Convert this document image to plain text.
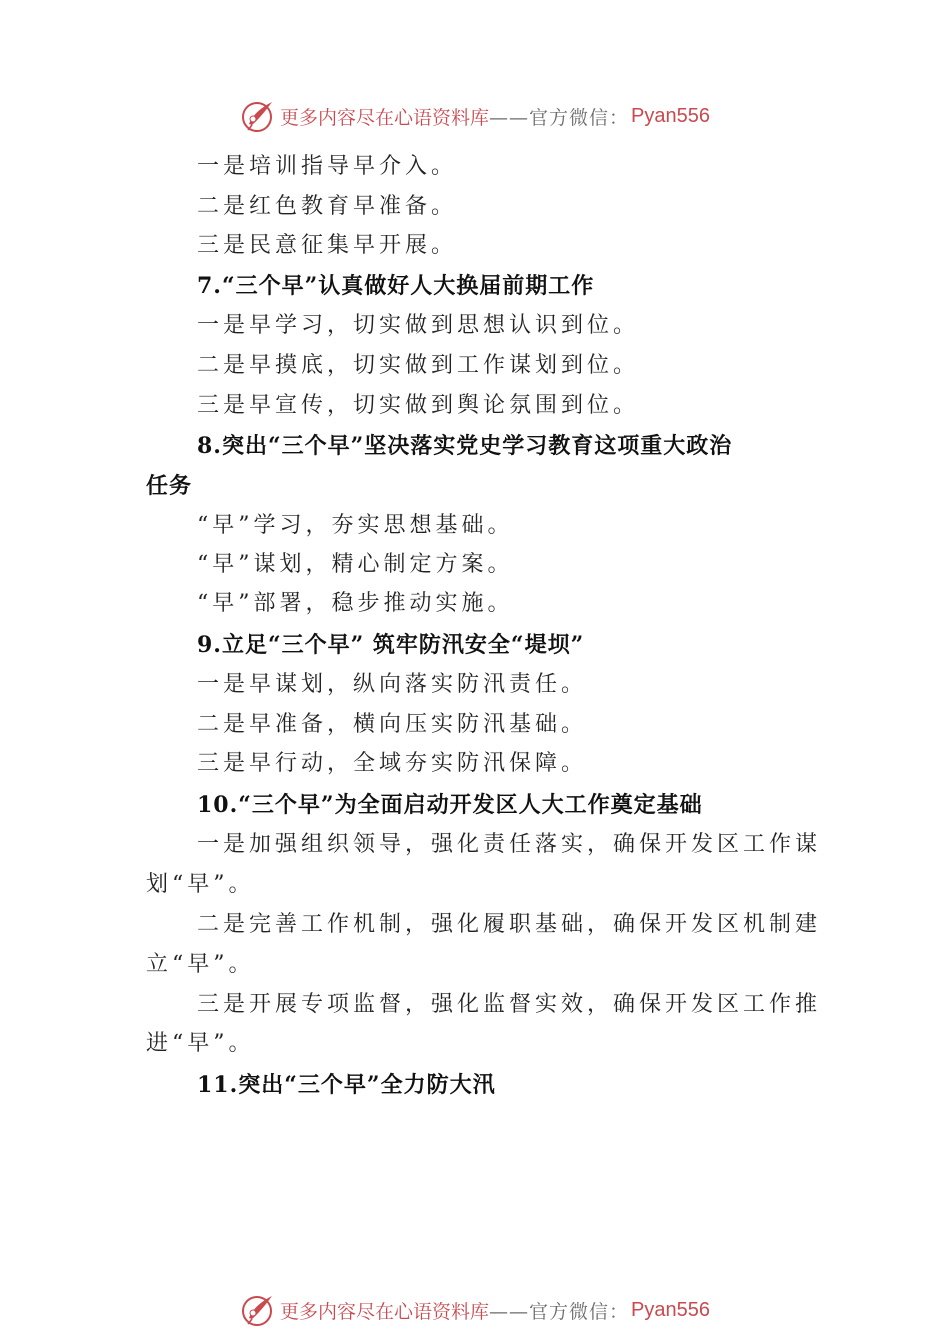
更多内容尽在心语资料库 ——官方微信： Pyan556
一是培训指导早介入。
二是红色教育早准备。
三是民意征集早开展。
7.“三个早”认真做好人大换届前期工作
一是早学习，切实做到思想认识到位。
二是早摸底，切实做到工作谋划到位。
三是早宣传，切实做到舆论氛围到位。
8.突出“三个早”坚决落实党史学习教育这项重大政治
任务
“早”学习，夯实思想基础。
“早”谋划，精心制定方案。
“早”部署，稳步推动实施。
9.立足“三个早” 筑牢防汛安全“堤坝”
一是早谋划，纵向落实防汛责任。
二是早准备，横向压实防汛基础。
三是早行动，全域夯实防汛保障。
10.“三个早”为全面启动开发区人大工作奠定基础
一是加强组织领导，强化责任落实，确保开发区工作谋
划“早”。
二是完善工作机制，强化履职基础，确保开发区机制建
立“早”。
三是开展专项监督，强化监督实效，确保开发区工作推
进“早”。
11.突出“三个早”全力防大汛
更多内容尽在心语资料库 ——官方微信： Pyan556
